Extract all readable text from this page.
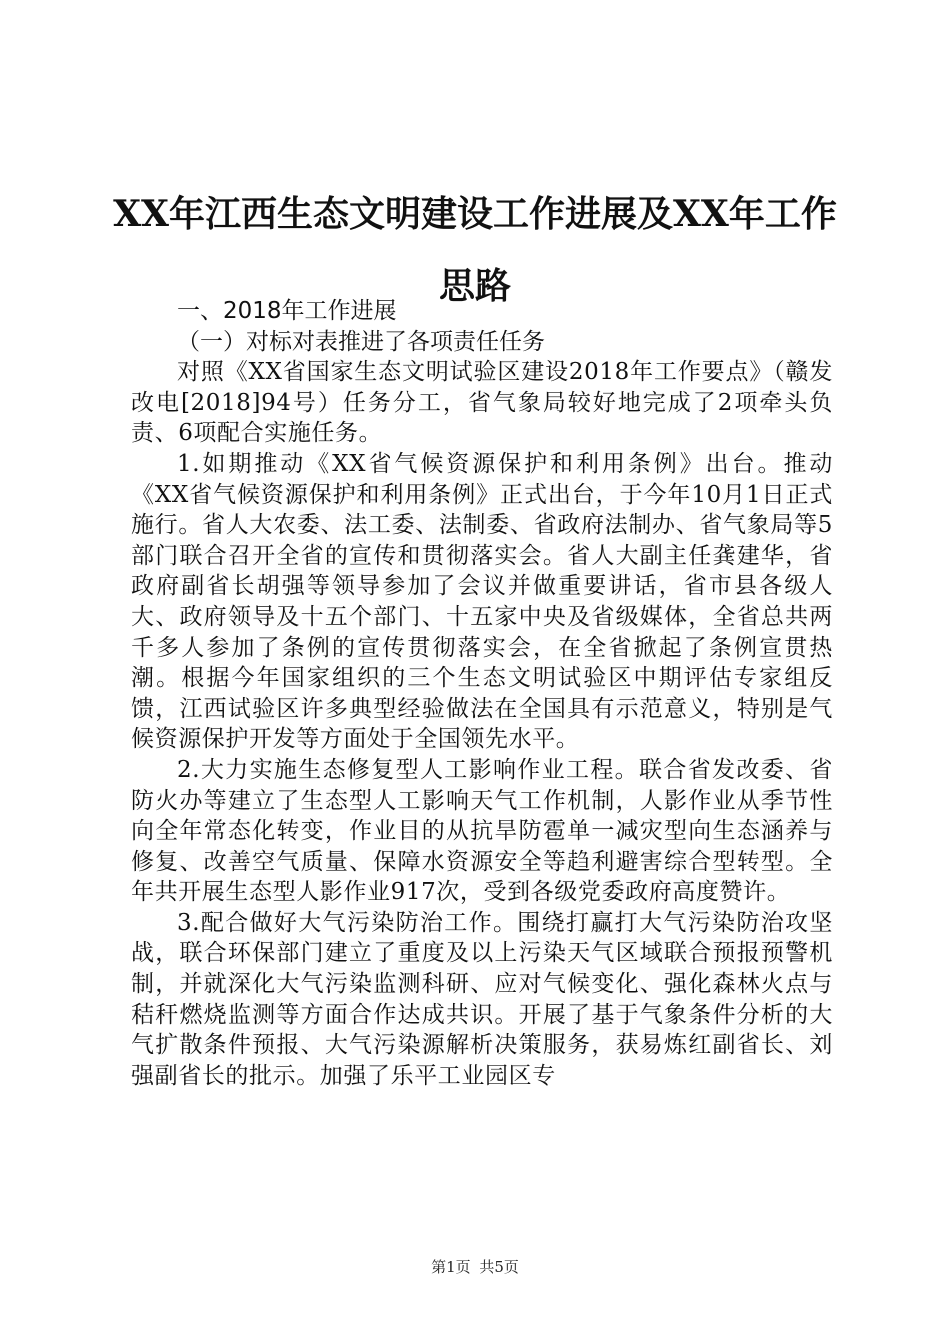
XX年江西生态文明建设工作进展及XX年工作
思路

一、2018年工作进展

（一）对标对表推进了各项责任任务

对照《XX省国家生态文明试验区建设2018年工作要点》（赣发改电[2018]94号）任务分工，省气象局较好地完成了2项牵头负责、6项配合实施任务。

1.如期推动《XX省气候资源保护和利用条例》出台。推动《XX省气候资源保护和利用条例》正式出台，于今年10月1日正式施行。省人大农委、法工委、法制委、省政府法制办、省气象局等5部门联合召开全省的宣传和贯彻落实会。省人大副主任龚建华，省政府副省长胡强等领导参加了会议并做重要讲话，省市县各级人大、政府领导及十五个部门、十五家中央及省级媒体，全省总共两千多人参加了条例的宣传贯彻落实会，在全省掀起了条例宣贯热潮。根据今年国家组织的三个生态文明试验区中期评估专家组反馈，江西试验区许多典型经验做法在全国具有示范意义，特别是气候资源保护开发等方面处于全国领先水平。

2.大力实施生态修复型人工影响作业工程。联合省发改委、省防火办等建立了生态型人工影响天气工作机制，人影作业从季节性向全年常态化转变，作业目的从抗旱防雹单一减灾型向生态涵养与修复、改善空气质量、保障水资源安全等趋利避害综合型转型。全年共开展生态型人影作业917次，受到各级党委政府高度赞许。

3.配合做好大气污染防治工作。围绕打赢打大气污染防治攻坚战，联合环保部门建立了重度及以上污染天气区域联合预报预警机制，并就深化大气污染监测科研、应对气候变化、强化森林火点与秸秆燃烧监测等方面合作达成共识。开展了基于气象条件分析的大气扩散条件预报、大气污染源解析决策服务，获易炼红副省长、刘强副省长的批示。加强了乐平工业园区专

第1页 共5页
